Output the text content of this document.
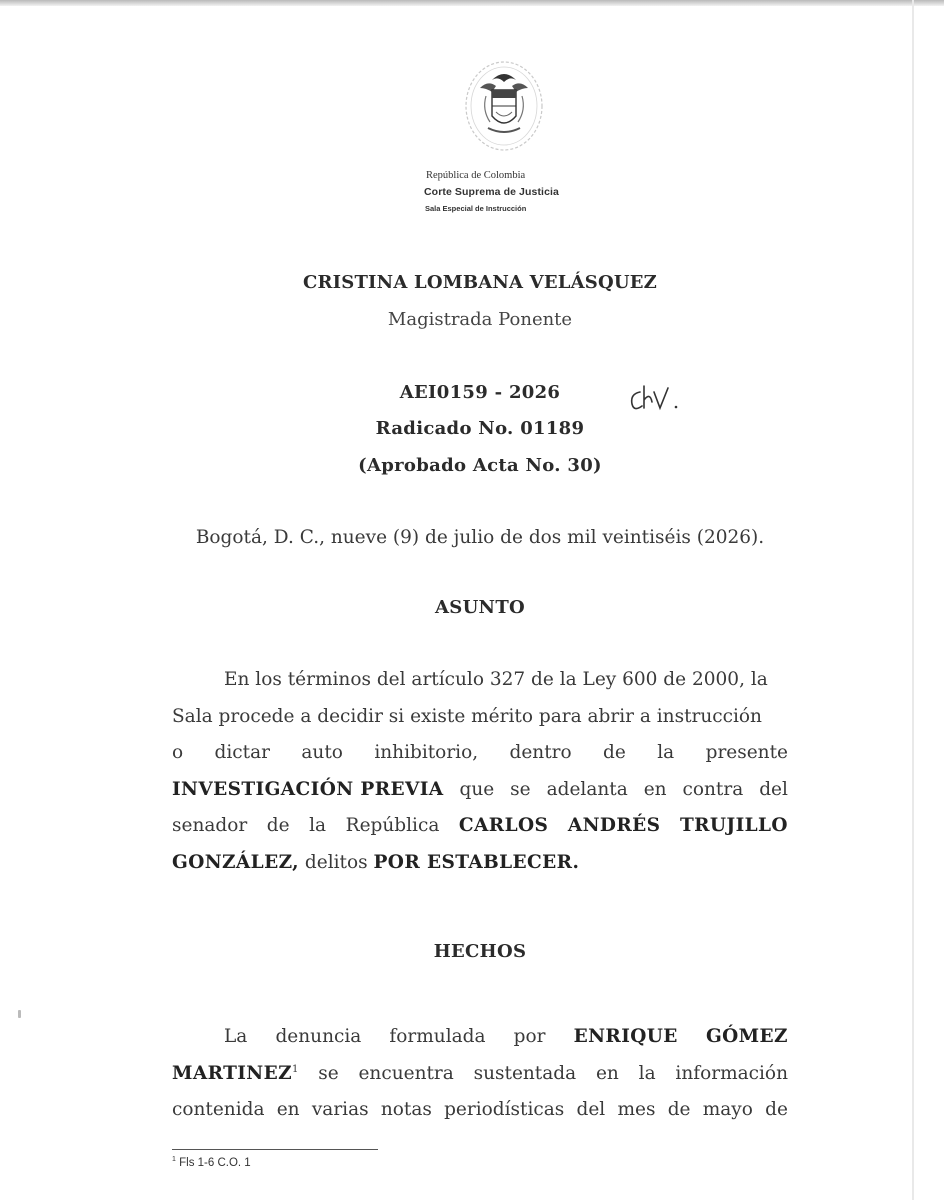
República de Colombia
Corte Suprema de Justicia
Sala Especial de Instrucción
CRISTINA LOMBANA VELÁSQUEZ
Magistrada Ponente
AEI0159 - 2026
Radicado No. 01189
(Aprobado Acta No. 30)
Bogotá, D. C., nueve (9) de julio de dos mil veintiséis (2026).
ASUNTO
En los términos del artículo 327 de la Ley 600 de 2000, la
Sala procede a decidir si existe mérito para abrir a instrucción
o dictar auto inhibitorio, dentro de la presente
INVESTIGACIÓN PREVIA que se adelanta en contra del
senador de la República CARLOS ANDRÉS TRUJILLO
GONZÁLEZ, delitos POR ESTABLECER.
HECHOS
La denuncia formulada por ENRIQUE GÓMEZ
MARTINEZ$^1$ se encuentra sustentada en la información
contenida en varias notas periodísticas del mes de mayo de
$^1$ Fls 1-6 C.O. 1
